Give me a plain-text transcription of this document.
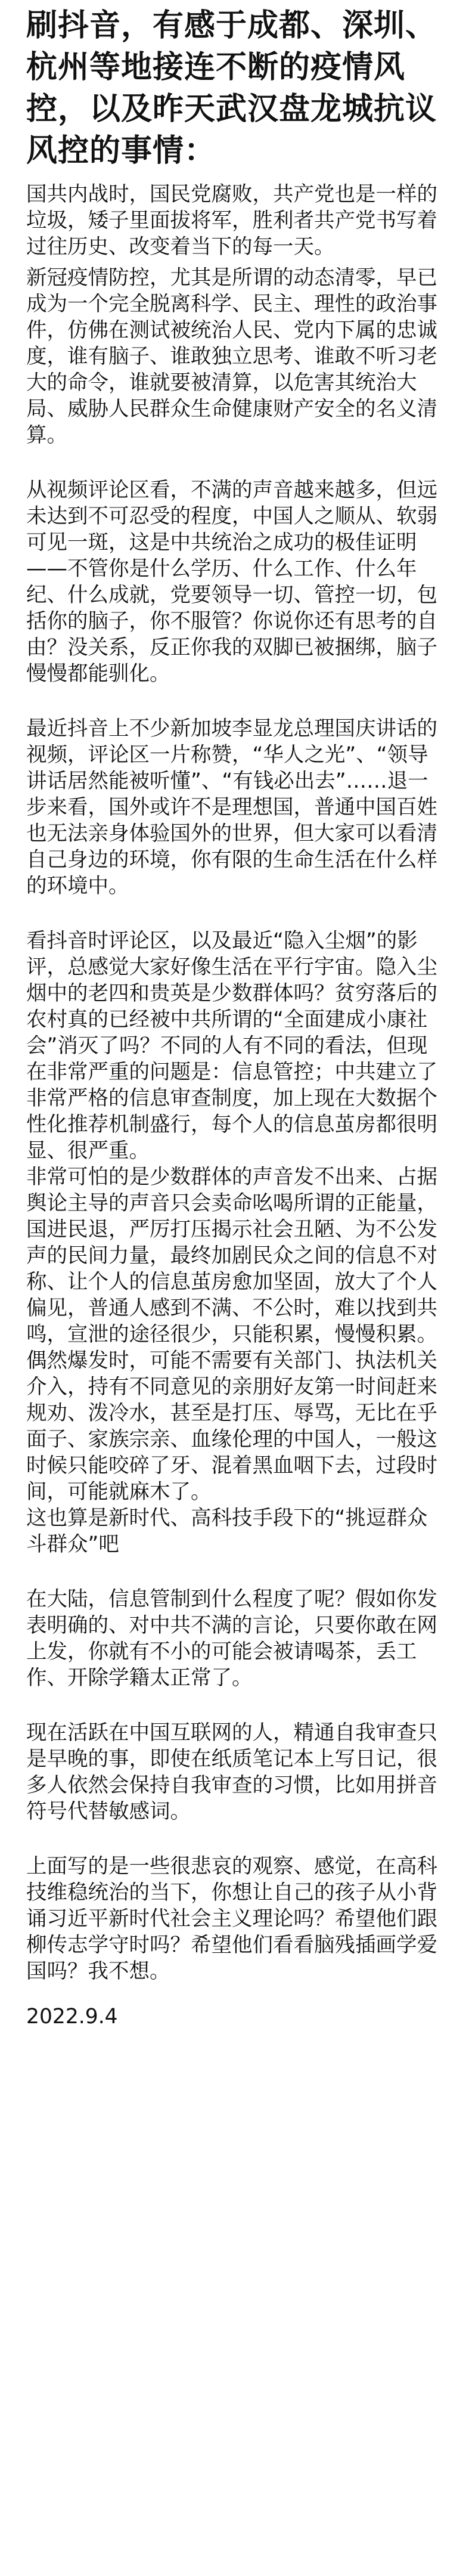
刷抖音，有感于成都、深圳、杭州等地接连不断的疫情风控，以及昨天武汉盘龙城抗议风控的事情：

国共内战时，国民党腐败，共产党也是一样的垃圾，矮子里面拔将军，胜利者共产党书写着过往历史、改变着当下的每一天。

新冠疫情防控，尤其是所谓的动态清零，早已成为一个完全脱离科学、民主、理性的政治事件，仿佛在测试被统治人民、党内下属的忠诚度，谁有脑子、谁敢独立思考、谁敢不听习老大的命令，谁就要被清算，以危害其统治大局、威胁人民群众生命健康财产安全的名义清算。

从视频评论区看，不满的声音越来越多，但远未达到不可忍受的程度，中国人之顺从、软弱可见一斑，这是中共统治之成功的极佳证明——不管你是什么学历、什么工作、什么年纪、什么成就，党要领导一切、管控一切，包括你的脑子，你不服管？你说你还有思考的自由？没关系，反正你我的双脚已被捆绑，脑子慢慢都能驯化。

最近抖音上不少新加坡李显龙总理国庆讲话的视频，评论区一片称赞，“华人之光”、“领导讲话居然能被听懂”、“有钱必出去”……退一步来看，国外或许不是理想国，普通中国百姓也无法亲身体验国外的世界，但大家可以看清自己身边的环境，你有限的生命生活在什么样的环境中。

看抖音时评论区，以及最近“隐入尘烟”的影评，总感觉大家好像生活在平行宇宙。隐入尘烟中的老四和贵英是少数群体吗？贫穷落后的农村真的已经被中共所谓的“全面建成小康社会”消灭了吗？不同的人有不同的看法，但现在非常严重的问题是：信息管控；中共建立了非常严格的信息审查制度，加上现在大数据个性化推荐机制盛行，每个人的信息茧房都很明显、很严重。

非常可怕的是少数群体的声音发不出来、占据舆论主导的声音只会卖命吆喝所谓的正能量，国进民退，严厉打压揭示社会丑陋、为不公发声的民间力量，最终加剧民众之间的信息不对称、让个人的信息茧房愈加坚固，放大了个人偏见，普通人感到不满、不公时，难以找到共鸣，宣泄的途径很少，只能积累，慢慢积累。偶然爆发时，可能不需要有关部门、执法机关介入，持有不同意见的亲朋好友第一时间赶来规劝、泼冷水，甚至是打压、辱骂，无比在乎面子、家族宗亲、血缘伦理的中国人，一般这时候只能咬碎了牙、混着黑血咽下去，过段时间，可能就麻木了。
这也算是新时代、高科技手段下的“挑逗群众斗群众”吧

在大陆，信息管制到什么程度了呢？假如你发表明确的、对中共不满的言论，只要你敢在网上发，你就有不小的可能会被请喝茶，丢工作、开除学籍太正常了。

现在活跃在中国互联网的人，精通自我审查只是早晚的事，即使在纸质笔记本上写日记，很多人依然会保持自我审查的习惯，比如用拼音符号代替敏感词。

上面写的是一些很悲哀的观察、感觉，在高科技维稳统治的当下，你想让自己的孩子从小背诵习近平新时代社会主义理论吗？希望他们跟柳传志学守时吗？希望他们看看脑残插画学爱国吗？我不想。

2022.9.4
